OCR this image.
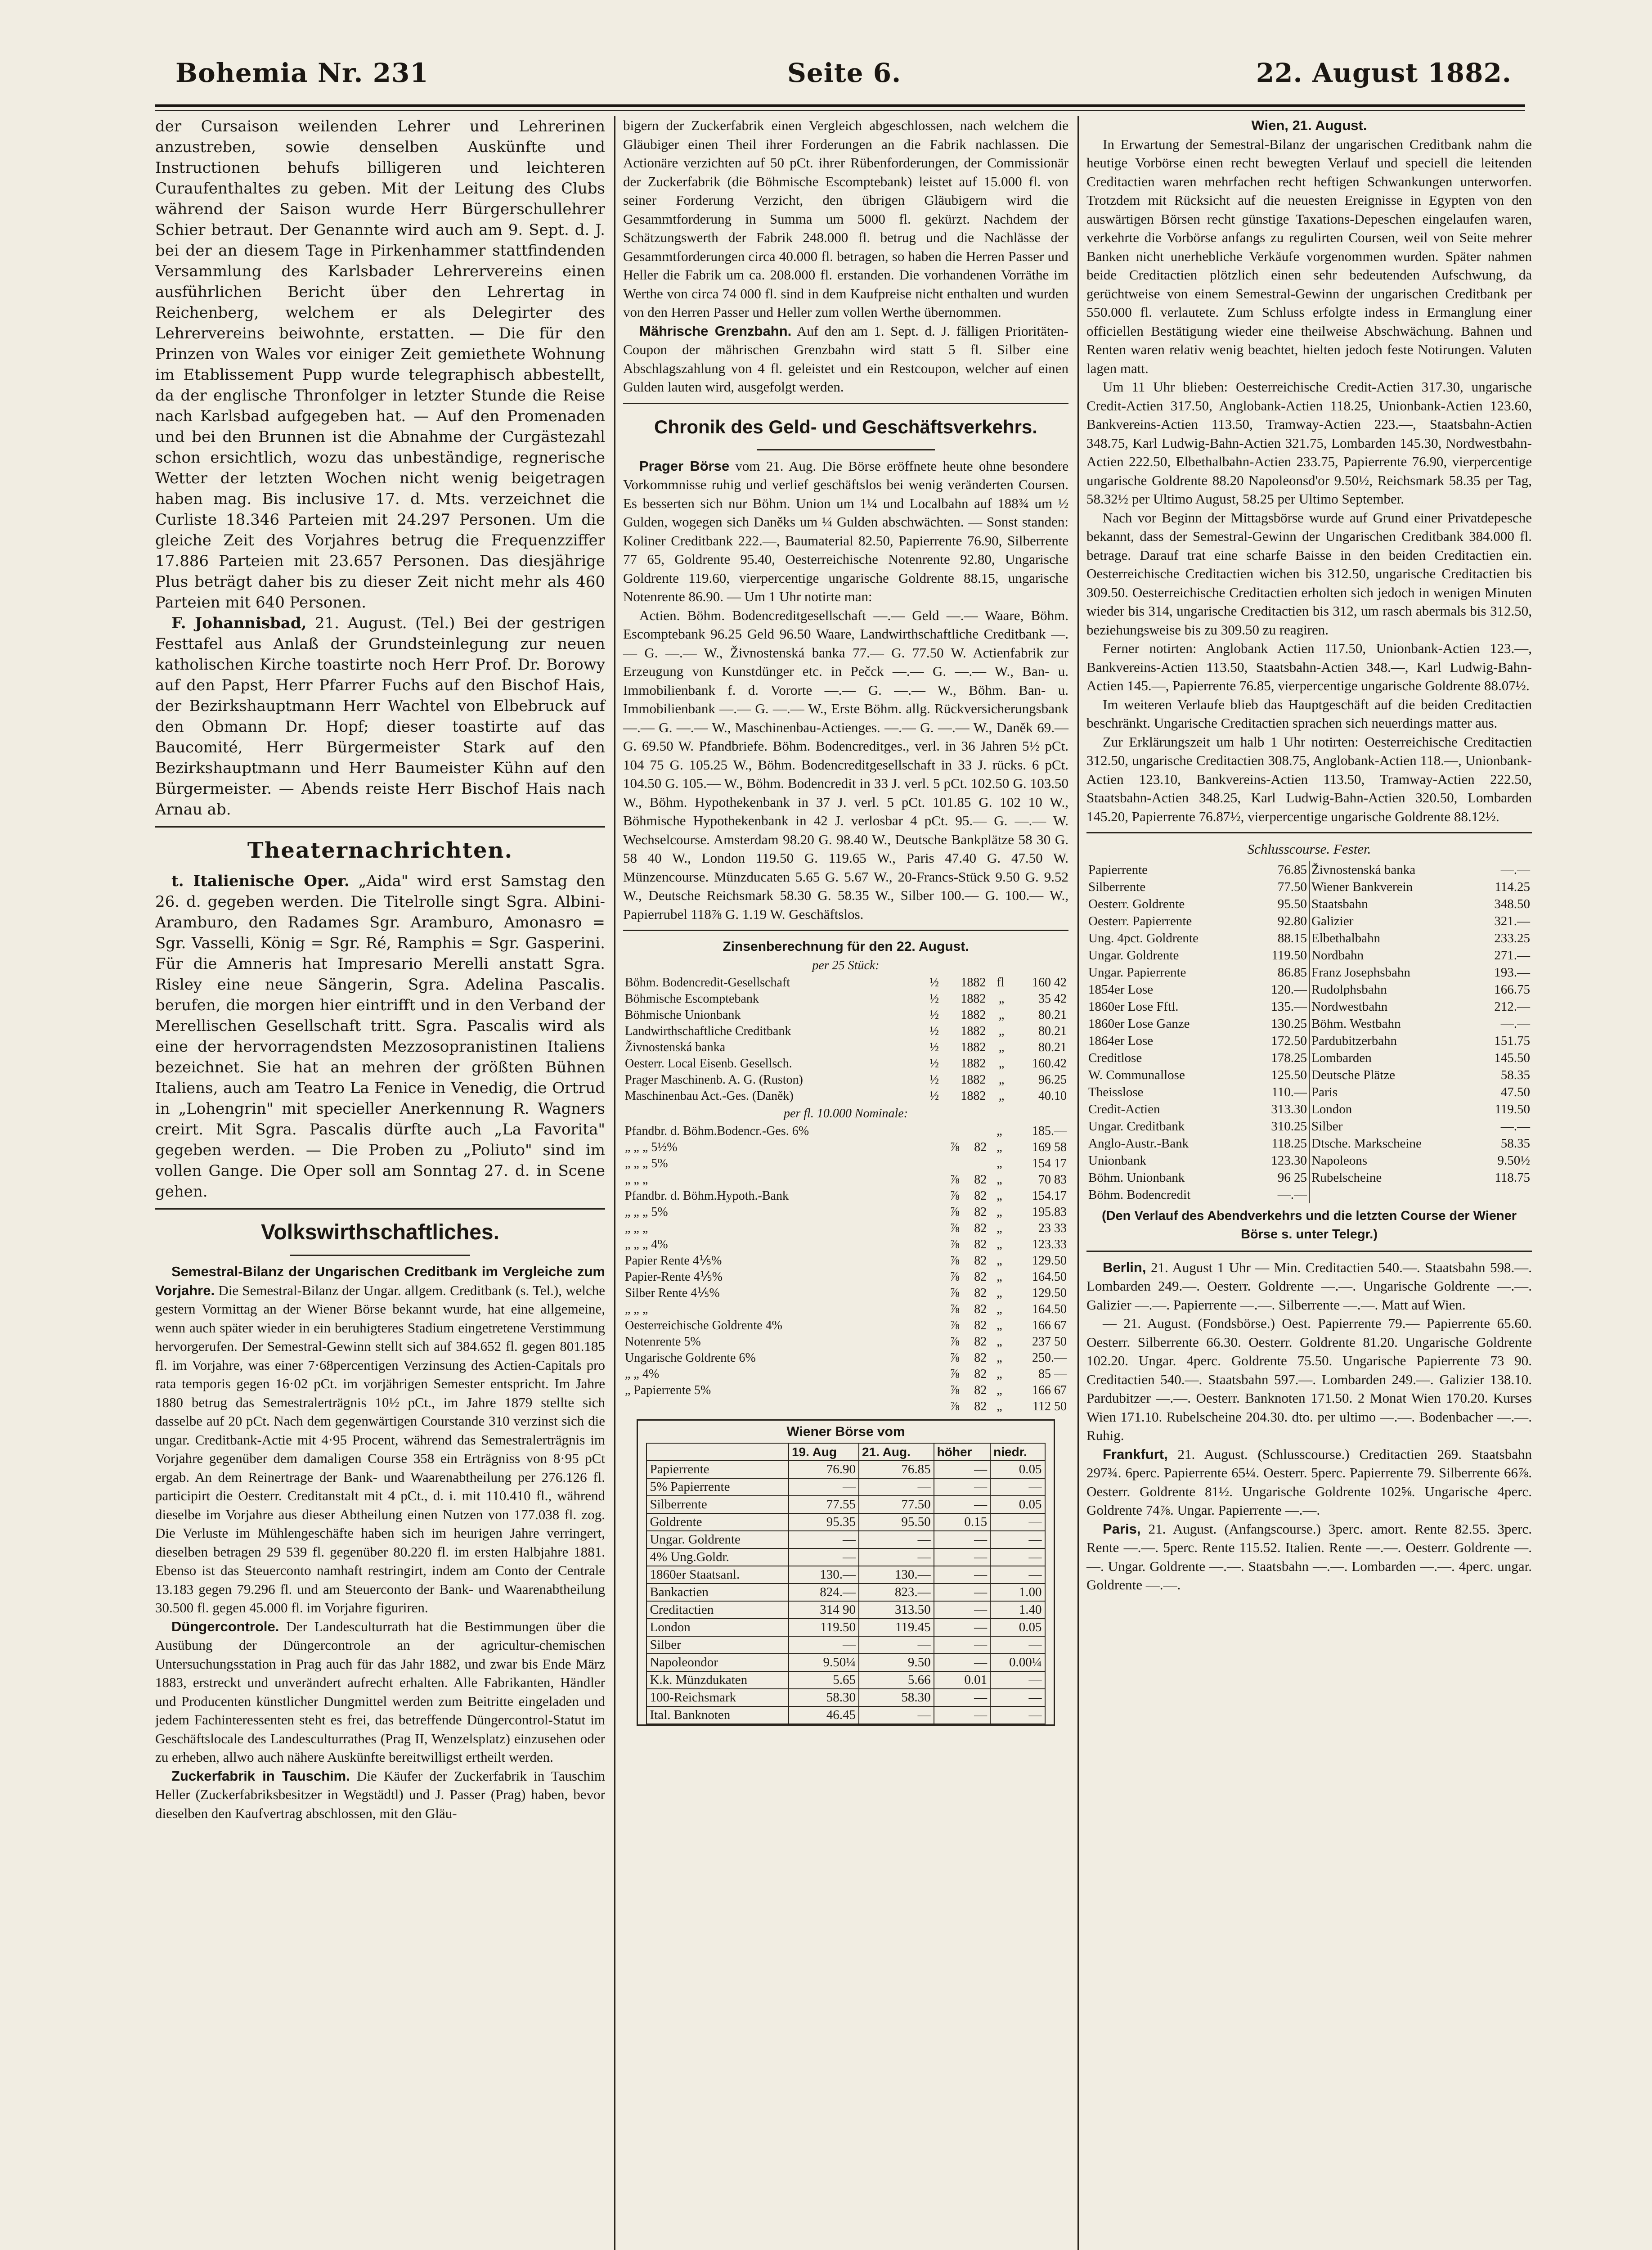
Bohemia Nr. 231	Seite 6.	22. August 1882.

der Cursaison weilenden Lehrer und Lehrerinen anzustreben, sowie denselben Auskünfte und Instructionen behufs billigeren und leichteren Curaufenthaltes zu geben. Mit der Leitung des Clubs während der Saison wurde Herr Bürgerschullehrer Schier betraut. Der Genannte wird auch am 9. Sept. d. J. bei der an diesem Tage in Pirkenhammer stattfindenden Versammlung des Karlsbader Lehrervereins einen ausführlichen Bericht über den Lehrertag in Reichenberg, welchem er als Delegirter des Lehrervereins beiwohnte, erstatten. — Die für den Prinzen von Wales vor einiger Zeit gemiethete Wohnung im Etablissement Pupp wurde telegraphisch abbestellt, da der englische Thronfolger in letzter Stunde die Reise nach Karlsbad aufgegeben hat. — Auf den Promenaden und bei den Brunnen ist die Abnahme der Curgästezahl schon ersichtlich, wozu das unbeständige, regnerische Wetter der letzten Wochen nicht wenig beigetragen haben mag. Bis inclusive 17. d. Mts. verzeichnet die Curliste 18.346 Parteien mit 24.297 Personen. Um die gleiche Zeit des Vorjahres betrug die Frequenzziffer 17.886 Parteien mit 23.657 Personen. Das diesjährige Plus beträgt daher bis zu dieser Zeit nicht mehr als 460 Parteien mit 640 Personen.

F. Johannisbad, 21. August. (Tel.) Bei der gestrigen Festtafel aus Anlaß der Grundsteinlegung zur neuen katholischen Kirche toastirte noch Herr Prof. Dr. Borowy auf den Papst, Herr Pfarrer Fuchs auf den Bischof Hais, der Bezirkshauptmann Herr Wachtel von Elbebruck auf den Obmann Dr. Hopf; dieser toastirte auf das Baucomité, Herr Bürgermeister Stark auf den Bezirkshauptmann und Herr Baumeister Kühn auf den Bürgermeister. — Abends reiste Herr Bischof Hais nach Arnau ab.

Theaternachrichten.

t. Italienische Oper. „Aida" wird erst Samstag den 26. d. gegeben werden. Die Titelrolle singt Sgra. Albini-Aramburo, den Radames Sgr. Aramburo, Amonasro = Sgr. Vasselli, König = Sgr. Ré, Ramphis = Sgr. Gasperini. Für die Amneris hat Impresario Merelli anstatt Sgra. Risley eine neue Sängerin, Sgra. Adelina Pascalis. berufen, die morgen hier eintrifft und in den Verband der Merellischen Gesellschaft tritt. Sgra. Pascalis wird als eine der hervorragendsten Mezzosopranistinen Italiens bezeichnet. Sie hat an mehren der größten Bühnen Italiens, auch am Teatro La Fenice in Venedig, die Ortrud in „Lohengrin" mit specieller Anerkennung R. Wagners creirt. Mit Sgra. Pascalis dürfte auch „La Favorita" gegeben werden. — Die Proben zu „Poliuto" sind im vollen Gange. Die Oper soll am Sonntag 27. d. in Scene gehen.

Volkswirthschaftliches.

Semestral-Bilanz der Ungarischen Creditbank im Vergleiche zum Vorjahre. Die Semestral-Bilanz der Ungar. allgem. Creditbank (s. Tel.), welche gestern Vormittag an der Wiener Börse bekannt wurde, hat eine allgemeine, wenn auch später wieder in ein beruhigteres Stadium eingetretene Verstimmung hervorgerufen. Der Semestral-Gewinn stellt sich auf 384.652 fl. gegen 801.185 fl. im Vorjahre, was einer 7·68percentigen Verzinsung des Actien-Capitals pro rata temporis gegen 16·02 pCt. im vorjährigen Semester entspricht. Im Jahre 1880 betrug das Semestralerträgnis 10½ pCt., im Jahre 1879 stellte sich dasselbe auf 20 pCt. Nach dem gegenwärtigen Courstande 310 verzinst sich die ungar. Creditbank-Actie mit 4·95 Procent, während das Semestralerträgnis im Vorjahre gegenüber dem damaligen Course 358 ein Erträgniss von 8·95 pCt ergab. An dem Reinertrage der Bank- und Waarenabtheilung per 276.126 fl. participirt die Oesterr. Creditanstalt mit 4 pCt., d. i. mit 110.410 fl., während dieselbe im Vorjahre aus dieser Abtheilung einen Nutzen von 177.038 fl. zog. Die Verluste im Mühlengeschäfte haben sich im heurigen Jahre verringert, dieselben betragen 29 539 fl. gegenüber 80.220 fl. im ersten Halbjahre 1881. Ebenso ist das Steuerconto namhaft restringirt, indem am Conto der Centrale 13.183 gegen 79.296 fl. und am Steuerconto der Bank- und Waarenabtheilung 30.500 fl. gegen 45.000 fl. im Vorjahre figuriren.

Düngercontrole. Der Landesculturrath hat die Bestimmungen über die Ausübung der Düngercontrole an der agricultur-chemischen Untersuchungsstation in Prag auch für das Jahr 1882, und zwar bis Ende März 1883, erstreckt und unverändert aufrecht erhalten. Alle Fabrikanten, Händler und Producenten künstlicher Dungmittel werden zum Beitritte eingeladen und jedem Fachinteressenten steht es frei, das betreffende Düngercontrol-Statut im Geschäftslocale des Landesculturrathes (Prag II, Wenzelsplatz) einzusehen oder zu erheben, allwo auch nähere Auskünfte bereitwilligst ertheilt werden.

Zuckerfabrik in Tauschim. Die Käufer der Zuckerfabrik in Tauschim Heller (Zuckerfabriksbesitzer in Wegstädtl) und J. Passer (Prag) haben, bevor dieselben den Kaufvertrag abschlossen, mit den Gläu-

bigern der Zuckerfabrik einen Vergleich abgeschlossen, nach welchem die Gläubiger einen Theil ihrer Forderungen an die Fabrik nachlassen. Die Actionäre verzichten auf 50 pCt. ihrer Rübenforderungen, der Commissionär der Zuckerfabrik (die Böhmische Escomptebank) leistet auf 15.000 fl. von seiner Forderung Verzicht, den übrigen Gläubigern wird die Gesammtforderung in Summa um 5000 fl. gekürzt. Nachdem der Schätzungswerth der Fabrik 248.000 fl. betrug und die Nachlässe der Gesammtforderungen circa 40.000 fl. betragen, so haben die Herren Passer und Heller die Fabrik um ca. 208.000 fl. erstanden. Die vorhandenen Vorräthe im Werthe von circa 74 000 fl. sind in dem Kaufpreise nicht enthalten und wurden von den Herren Passer und Heller zum vollen Werthe übernommen.

Mährische Grenzbahn. Auf den am 1. Sept. d. J. fälligen Prioritäten-Coupon der mährischen Grenzbahn wird statt 5 fl. Silber eine Abschlagszahlung von 4 fl. geleistet und ein Restcoupon, welcher auf einen Gulden lauten wird, ausgefolgt werden.

Chronik des Geld- und Geschäftsverkehrs.

Prager Börse vom 21. Aug. Die Börse eröffnete heute ohne besondere Vorkommnisse ruhig und verlief geschäftslos bei wenig veränderten Coursen. Es besserten sich nur Böhm. Union um 1¼ und Localbahn auf 188¾ um ½ Gulden, wogegen sich Daněks um ¼ Gulden abschwächten. — Sonst standen: Koliner Creditbank 222.—, Baumaterial 82.50, Papierrente 76.90, Silberrente 77 65, Goldrente 95.40, Oesterreichische Notenrente 92.80, Ungarische Goldrente 119.60, vierpercentige ungarische Goldrente 88.15, ungarische Notenrente 86.90. — Um 1 Uhr notirte man:

Actien. Böhm. Bodencreditgesellschaft —.— Geld —.— Waare, Böhm. Escomptebank 96.25 Geld 96.50 Waare, Landwirthschaftliche Creditbank —.— G. —.— W., Živnostenská banka 77.— G. 77.50 W. Actienfabrik zur Erzeugung von Kunstdünger etc. in Pečck —.— G. —.— W., Ban- u. Immobilienbank f. d. Vororte —.— G. —.— W., Böhm. Ban- u. Immobilienbank —.— G. —.— W., Erste Böhm. allg. Rückversicherungsbank —.— G. —.— W., Maschinenbau-Actienges. —.— G. —.— W., Daněk 69.— G. 69.50 W. Pfandbriefe. Böhm. Bodencreditges., verl. in 36 Jahren 5½ pCt. 104 75 G. 105.25 W., Böhm. Bodencreditgesellschaft in 33 J. rücks. 6 pCt. 104.50 G. 105.— W., Böhm. Bodencredit in 33 J. verl. 5 pCt. 102.50 G. 103.50 W., Böhm. Hypothekenbank in 37 J. verl. 5 pCt. 101.85 G. 102 10 W., Böhmische Hypothekenbank in 42 J. verlosbar 4 pCt. 95.— G. —.— W. Wechselcourse. Amsterdam 98.20 G. 98.40 W., Deutsche Bankplätze 58 30 G. 58 40 W., London 119.50 G. 119.65 W., Paris 47.40 G. 47.50 W. Münzencourse. Münzducaten 5.65 G. 5.67 W., 20-Francs-Stück 9.50 G. 9.52 W., Deutsche Reichsmark 58.30 G. 58.35 W., Silber 100.— G. 100.— W., Papierrubel 118⅞ G. 1.19 W. Geschäftslos.

Zinsenberechnung für den 22. August.
per 25 Stück:
Böhm. Bodencredit-Gesellschaft	½	1882	fl	160 42
Böhmische Escomptebank	½	1882	„	35 42
Böhmische Unionbank	½	1882	„	80.21
Landwirthschaftliche Creditbank	½	1882	„	80.21
Živnostenská banka	½	1882	„	80.21
Oesterr. Local Eisenb. Gesellsch.	½	1882	„	160.42
Prager Maschinenb. A. G. (Ruston)	½	1882	„	96.25
Maschinenbau Act.-Ges. (Daněk)	½	1882	„	40.10
per fl. 10.000 Nominale:
Pfandbr. d. Böhm.Bodencr.-Ges. 6%			„	185.—
„ „ „ 5½%	⅞	82	„	169 58
„ „ „ 5%			„	154 17
„ „ „	⅞	82	„	70 83
Pfandbr. d. Böhm.Hypoth.-Bank	⅞	82	„	154.17
„ „ „ 5%	⅞	82	„	195.83
„ „ „	⅞	82	„	23 33
„ „ „ 4%	⅞	82	„	123.33
Papier Rente 4⅕%	⅞	82	„	129.50
Papier-Rente 4⅕%	⅞	82	„	164.50
Silber Rente 4⅕%	⅞	82	„	129.50
„ „ „	⅞	82	„	164.50
Oesterreichische Goldrente 4%	⅞	82	„	166 67
Notenrente 5%	⅞	82	„	237 50
Ungarische Goldrente 6%	⅞	82	„	250.—
„ „ 4%	⅞	82	„	85 —
„ Papierrente 5%	⅞	82	„	166 67
	⅞	82	„	112 50
Wiener Börse vom
	19. Aug	21. Aug.	höher	niedr.
Papierrente	76.90	76.85	—	0.05
5% Papierrente	—	—	—	—
Silberrente	77.55	77.50	—	0.05
Goldrente	95.35	95.50	0.15	—
Ungar. Goldrente	—	—	—	—
4% Ung.Goldr.	—	—	—	—
1860er Staatsanl.	130.—	130.—	—	—
Bankactien	824.—	823.—	—	1.00
Creditactien	314 90	313.50	—	1.40
London	119.50	119.45	—	0.05
Silber	—	—	—	—
Napoleondor	9.50¼	9.50	—	0.00¼
K.k. Münzdukaten	5.65	5.66	0.01	—
100-Reichsmark	58.30	58.30	—	—
Ital. Banknoten	46.45	—	—	—
Wien, 21. August.

In Erwartung der Semestral-Bilanz der ungarischen Creditbank nahm die heutige Vorbörse einen recht bewegten Verlauf und speciell die leitenden Creditactien waren mehrfachen recht heftigen Schwankungen unterworfen. Trotzdem mit Rücksicht auf die neuesten Ereignisse in Egypten von den auswärtigen Börsen recht günstige Taxations-Depeschen eingelaufen waren, verkehrte die Vorbörse anfangs zu regulirten Coursen, weil von Seite mehrer Banken nicht unerhebliche Verkäufe vorgenommen wurden. Später nahmen beide Creditactien plötzlich einen sehr bedeutenden Aufschwung, da gerüchtweise von einem Semestral-Gewinn der ungarischen Creditbank per 550.000 fl. verlautete. Zum Schluss erfolgte indess in Ermanglung einer officiellen Bestätigung wieder eine theilweise Abschwächung. Bahnen und Renten waren relativ wenig beachtet, hielten jedoch feste Notirungen. Valuten lagen matt.

Um 11 Uhr blieben: Oesterreichische Credit-Actien 317.30, ungarische Credit-Actien 317.50, Anglobank-Actien 118.25, Unionbank-Actien 123.60, Bankvereins-Actien 113.50, Tramway-Actien 223.—, Staatsbahn-Actien 348.75, Karl Ludwig-Bahn-Actien 321.75, Lombarden 145.30, Nordwestbahn-Actien 222.50, Elbethalbahn-Actien 233.75, Papierrente 76.90, vierpercentige ungarische Goldrente 88.20 Napoleonsd'or 9.50½, Reichsmark 58.35 per Tag, 58.32½ per Ultimo August, 58.25 per Ultimo September.

Nach vor Beginn der Mittagsbörse wurde auf Grund einer Privatdepesche bekannt, dass der Semestral-Gewinn der Ungarischen Creditbank 384.000 fl. betrage. Darauf trat eine scharfe Baisse in den beiden Creditactien ein. Oesterreichische Creditactien wichen bis 312.50, ungarische Creditactien bis 309.50. Oesterreichische Creditactien erholten sich jedoch in wenigen Minuten wieder bis 314, ungarische Creditactien bis 312, um rasch abermals bis 312.50, beziehungsweise bis zu 309.50 zu reagiren.

Ferner notirten: Anglobank Actien 117.50, Unionbank-Actien 123.—, Bankvereins-Actien 113.50, Staatsbahn-Actien 348.—, Karl Ludwig-Bahn-Actien 145.—, Papierrente 76.85, vierpercentige ungarische Goldrente 88.07½.

Im weiteren Verlaufe blieb das Hauptgeschäft auf die beiden Creditactien beschränkt. Ungarische Creditactien sprachen sich neuerdings matter aus.

Zur Erklärungszeit um halb 1 Uhr notirten: Oesterreichische Creditactien 312.50, ungarische Creditactien 308.75, Anglobank-Actien 118.—, Unionbank-Actien 123.10, Bankvereins-Actien 113.50, Tramway-Actien 222.50, Staatsbahn-Actien 348.25, Karl Ludwig-Bahn-Actien 320.50, Lombarden 145.20, Papierrente 76.87½, vierpercentige ungarische Goldrente 88.12½.

Schlusscourse. Fester.
Papierrente	76.85	Živnostenská banka	—.—
Silberrente	77.50	Wiener Bankverein	114.25
Oesterr. Goldrente	95.50	Staatsbahn	348.50
Oesterr. Papierrente	92.80	Galizier	321.—
Ung. 4pct. Goldrente	88.15	Elbethalbahn	233.25
Ungar. Goldrente	119.50	Nordbahn	271.—
Ungar. Papierrente	86.85	Franz Josephsbahn	193.—
1854er Lose	120.—	Rudolphsbahn	166.75
1860er Lose Fftl.	135.—	Nordwestbahn	212.—
1860er Lose Ganze	130.25	Böhm. Westbahn	—.—
1864er Lose	172.50	Pardubitzerbahn	151.75
Creditlose	178.25	Lombarden	145.50
W. Communallose	125.50	Deutsche Plätze	58.35
Theisslose	110.—	Paris	47.50
Credit-Actien	313.30	London	119.50
Ungar. Creditbank	310.25	Silber	—.—
Anglo-Austr.-Bank	118.25	Dtsche. Markscheine	58.35
Unionbank	123.30	Napoleons	9.50½
Böhm. Unionbank	96 25	Rubelscheine	118.75
Böhm. Bodencredit	—.—		

(Den Verlauf des Abendverkehrs und die letzten Course der Wiener Börse s. unter Telegr.)

Berlin, 21. August 1 Uhr — Min. Creditactien 540.—. Staatsbahn 598.—. Lombarden 249.—. Oesterr. Goldrente —.—. Ungarische Goldrente —.—. Galizier —.—. Papierrente —.—. Silberrente —.—. Matt auf Wien.

— 21. August. (Fondsbörse.) Oest. Papierrente 79.— Papierrente 65.60. Oesterr. Silberrente 66.30. Oesterr. Goldrente 81.20. Ungarische Goldrente 102.20. Ungar. 4perc. Goldrente 75.50. Ungarische Papierrente 73 90. Creditactien 540.—. Staatsbahn 597.—. Lombarden 249.—. Galizier 138.10. Pardubitzer —.—. Oesterr. Banknoten 171.50. 2 Monat Wien 170.20. Kurses Wien 171.10. Rubelscheine 204.30. dto. per ultimo —.—. Bodenbacher —.—. Ruhig.

Frankfurt, 21. August. (Schlusscourse.) Creditactien 269. Staatsbahn 297¾. 6perc. Papierrente 65¼. Oesterr. 5perc. Papierrente 79. Silberrente 66⅞. Oesterr. Goldrente 81½. Ungarische Goldrente 102⅝. Ungarische 4perc. Goldrente 74⅞. Ungar. Papierrente —.—.

Paris, 21. August. (Anfangscourse.) 3perc. amort. Rente 82.55. 3perc. Rente —.—. 5perc. Rente 115.52. Italien. Rente —.—. Oesterr. Goldrente —.—. Ungar. Goldrente —.—. Staatsbahn —.—. Lombarden —.—. 4perc. ungar. Goldrente —.—.
